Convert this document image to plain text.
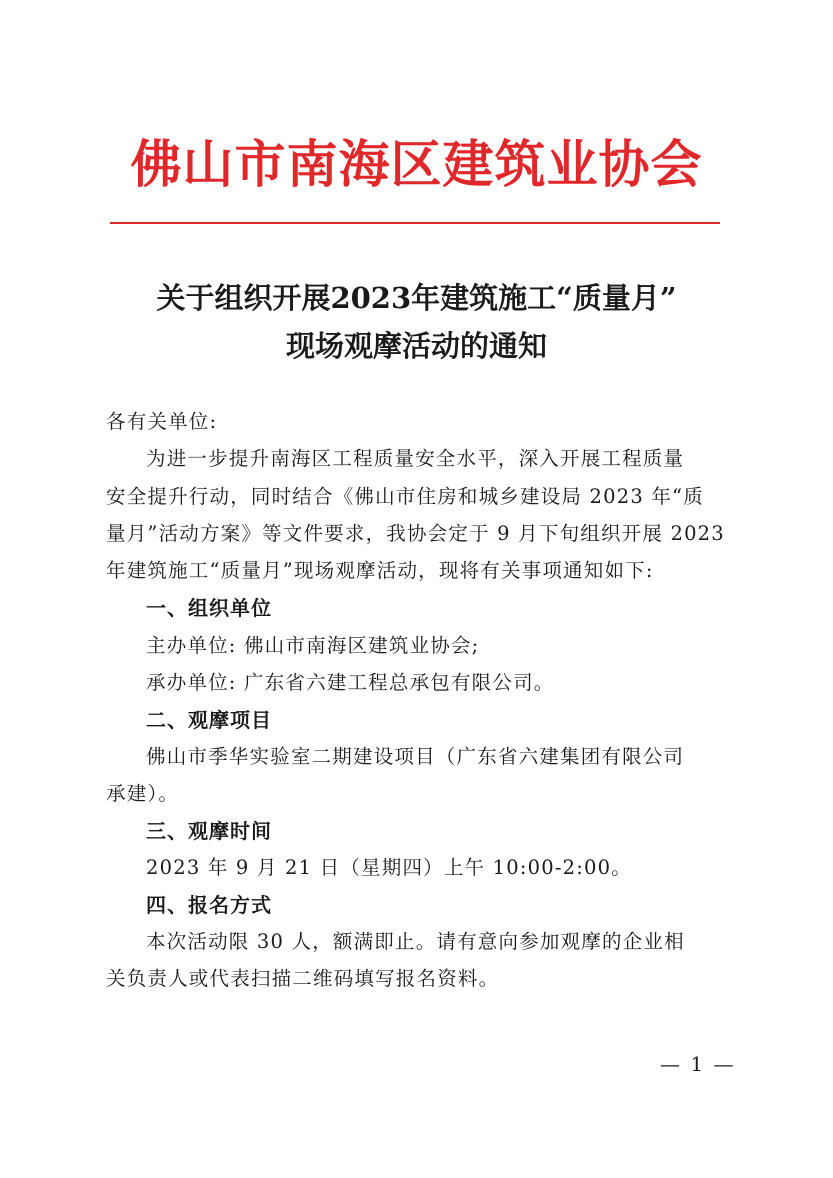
佛山市南海区建筑业协会
关于组织开展2023年建筑施工“质量月”
现场观摩活动的通知
各有关单位:
为进一步提升南海区工程质量安全水平，深入开展工程质量
安全提升行动，同时结合《佛山市住房和城乡建设局 2023 年“质
量月”活动方案》等文件要求，我协会定于 9 月下旬组织开展 2023
年建筑施工“质量月”现场观摩活动，现将有关事项通知如下:
一、组织单位
主办单位: 佛山市南海区建筑业协会;
承办单位: 广东省六建工程总承包有限公司。
二、观摩项目
佛山市季华实验室二期建设项目（广东省六建集团有限公司
承建）。
三、观摩时间
2023 年 9 月 21 日（星期四）上午 10:00-2:00。
四、报名方式
本次活动限 30 人，额满即止。请有意向参加观摩的企业相
关负责人或代表扫描二维码填写报名资料。
— 1 —
